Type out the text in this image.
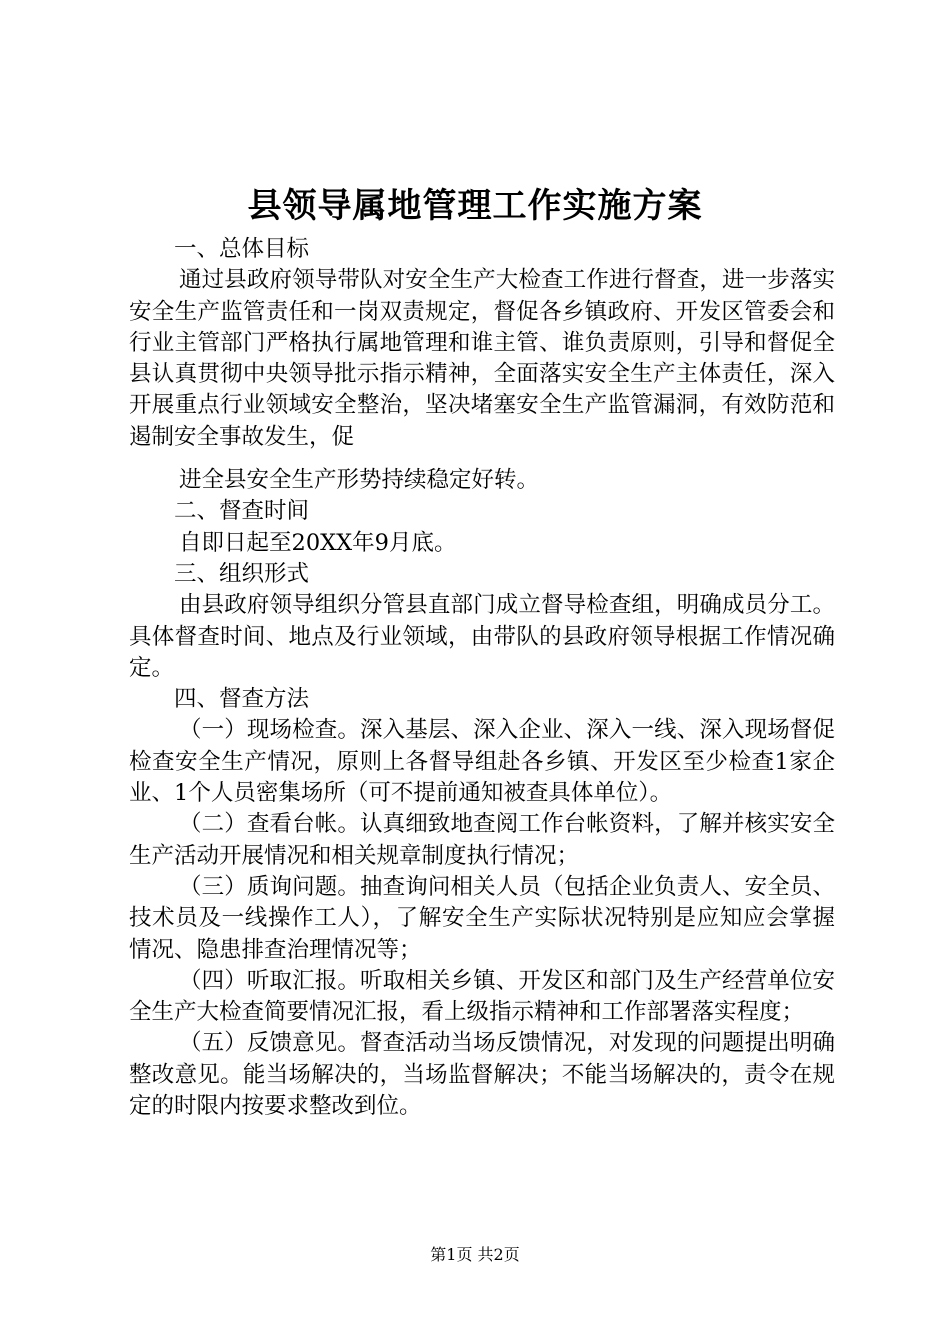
县领导属地管理工作实施方案

一、总体目标

通过县政府领导带队对安全生产大检查工作进行督查，进一步落实安全生产监管责任和一岗双责规定，督促各乡镇政府、开发区管委会和行业主管部门严格执行属地管理和谁主管、谁负责原则，引导和督促全县认真贯彻中央领导批示指示精神，全面落实安全生产主体责任，深入开展重点行业领域安全整治，坚决堵塞安全生产监管漏洞，有效防范和遏制安全事故发生，促

进全县安全生产形势持续稳定好转。

二、督查时间

自即日起至20XX年9月底。

三、组织形式

由县政府领导组织分管县直部门成立督导检查组，明确成员分工。具体督查时间、地点及行业领域，由带队的县政府领导根据工作情况确定。

四、督查方法

（一）现场检查。深入基层、深入企业、深入一线、深入现场督促检查安全生产情况，原则上各督导组赴各乡镇、开发区至少检查1家企业、1个人员密集场所（可不提前通知被查具体单位）。

（二）查看台帐。认真细致地查阅工作台帐资料，了解并核实安全生产活动开展情况和相关规章制度执行情况；

（三）质询问题。抽查询问相关人员（包括企业负责人、安全员、技术员及一线操作工人），了解安全生产实际状况特别是应知应会掌握情况、隐患排查治理情况等；

（四）听取汇报。听取相关乡镇、开发区和部门及生产经营单位安全生产大检查简要情况汇报，看上级指示精神和工作部署落实程度；

（五）反馈意见。督查活动当场反馈情况，对发现的问题提出明确整改意见。能当场解决的，当场监督解决；不能当场解决的，责令在规定的时限内按要求整改到位。

第1页 共2页
